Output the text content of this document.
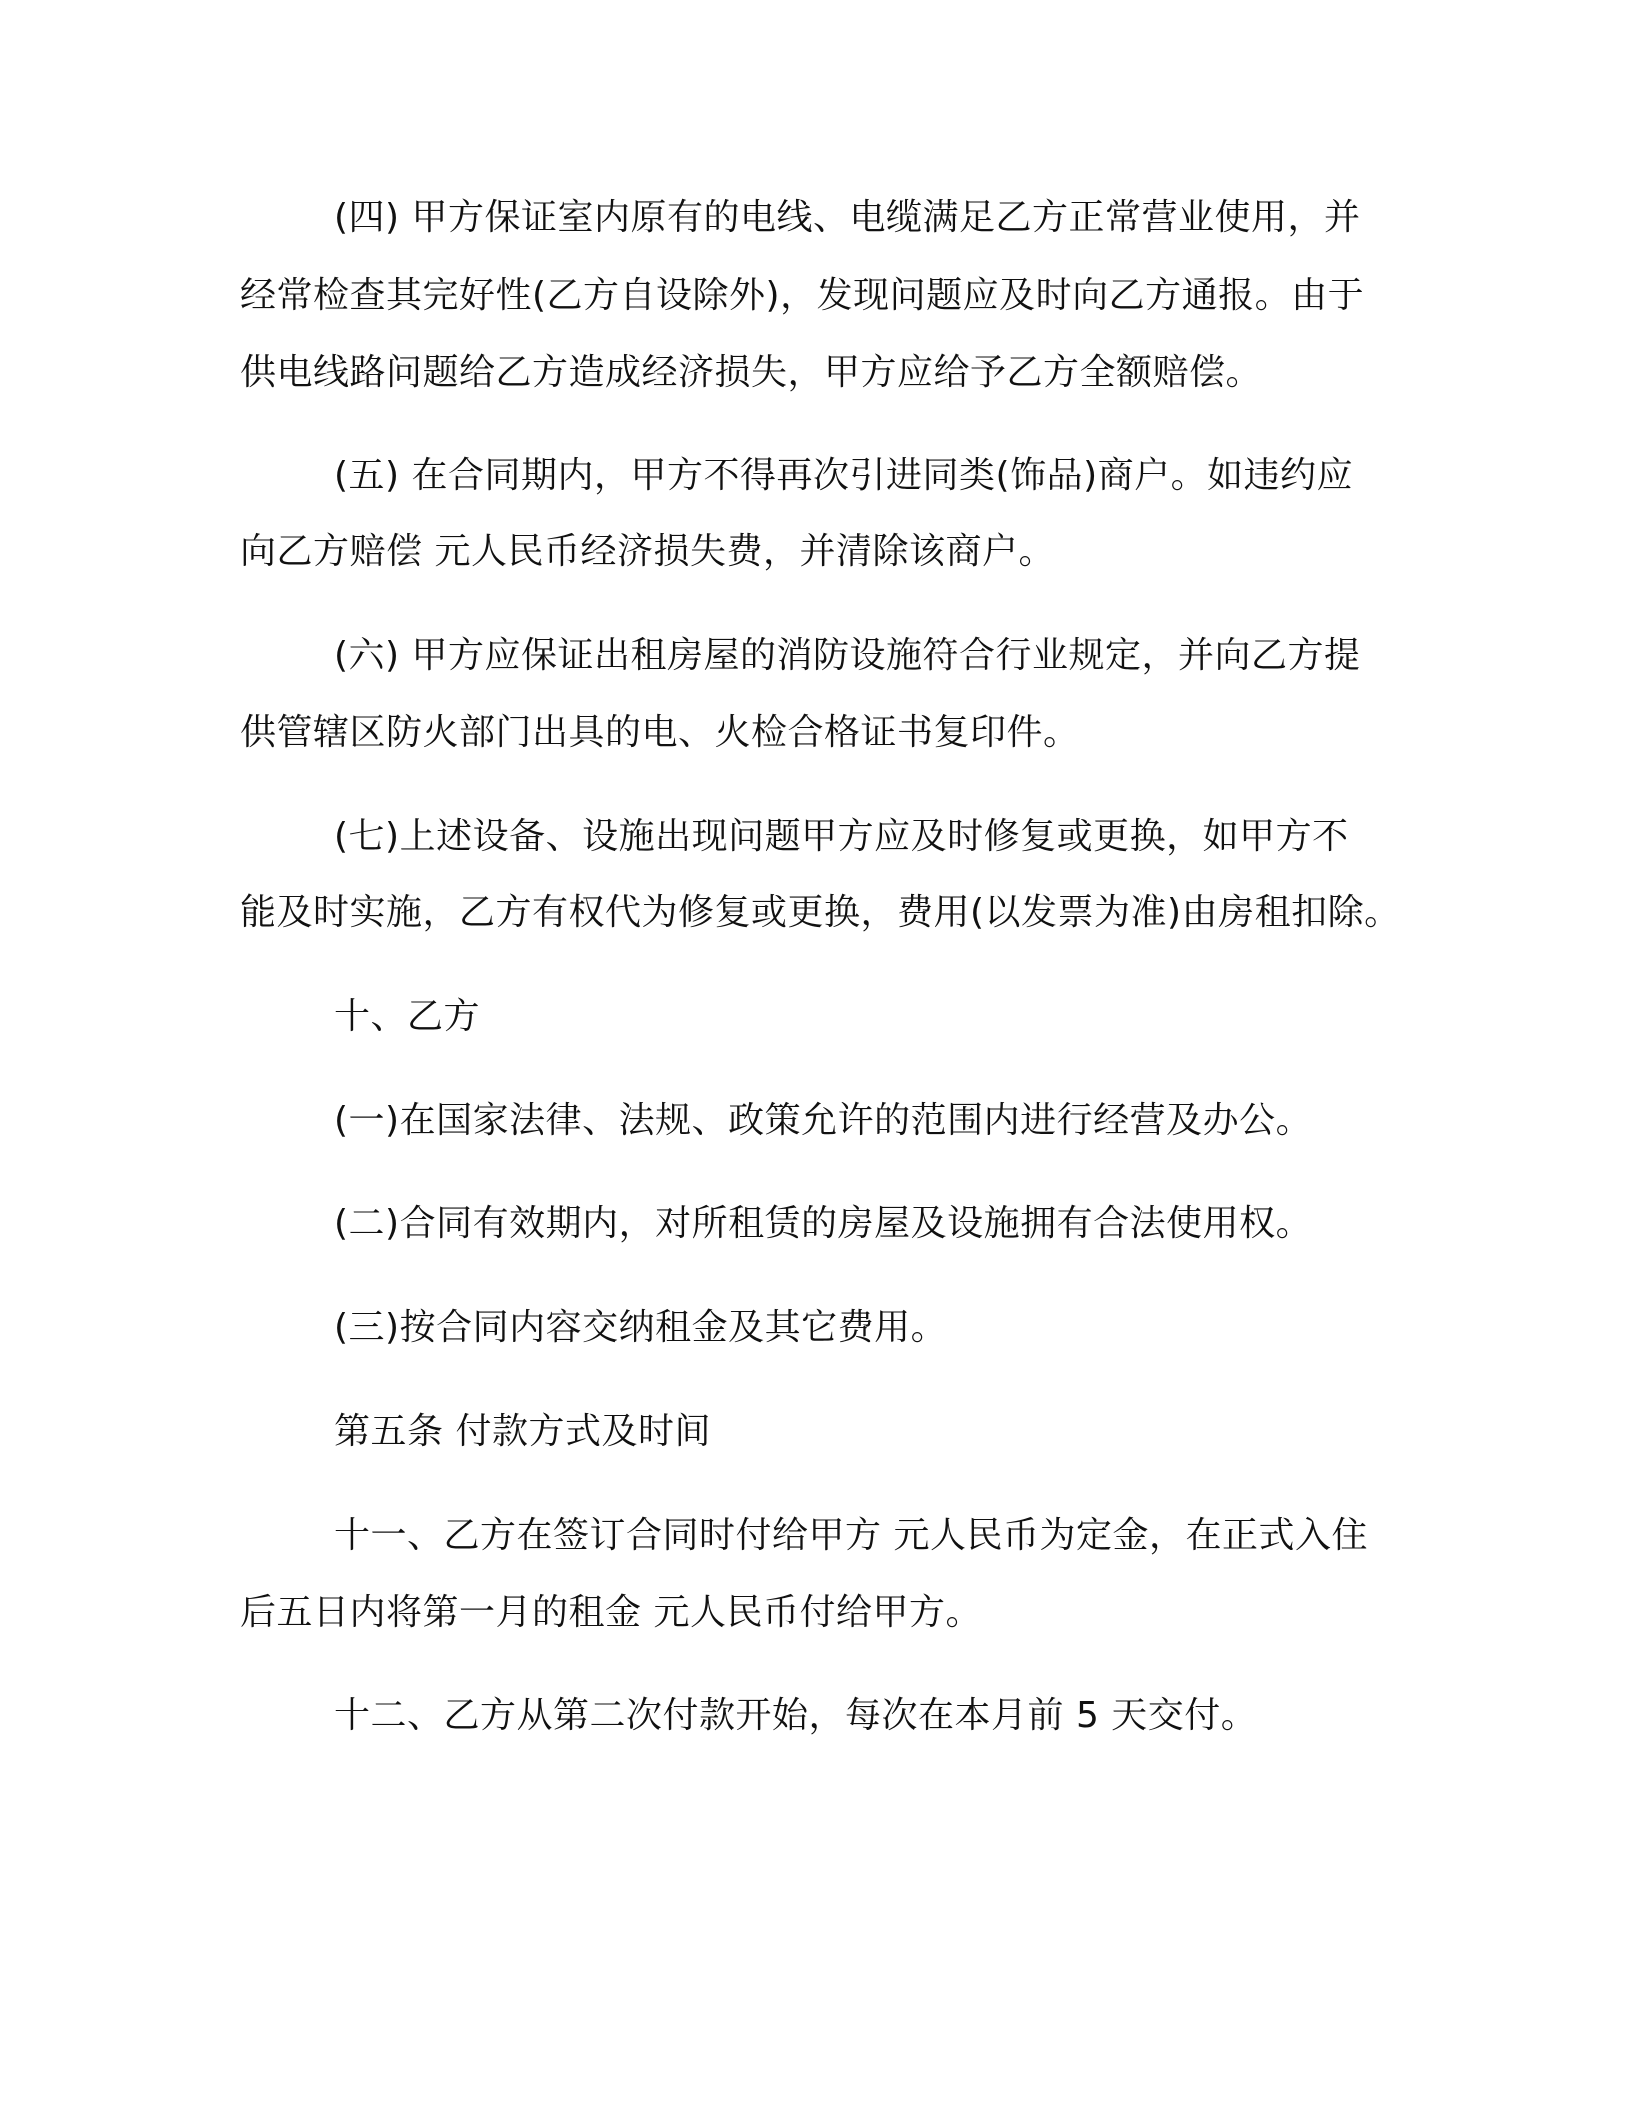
(四) 甲方保证室内原有的电线、电缆满足乙方正常营业使用，并
经常检查其完好性(乙方自设除外)，发现问题应及时向乙方通报。由于
供电线路问题给乙方造成经济损失，甲方应给予乙方全额赔偿。
(五) 在合同期内，甲方不得再次引进同类(饰品)商户。如违约应
向乙方赔偿 元人民币经济损失费，并清除该商户。
(六) 甲方应保证出租房屋的消防设施符合行业规定，并向乙方提
供管辖区防火部门出具的电、火检合格证书复印件。
(七)上述设备、设施出现问题甲方应及时修复或更换，如甲方不
能及时实施，乙方有权代为修复或更换，费用(以发票为准)由房租扣除。
十、乙方
(一)在国家法律、法规、政策允许的范围内进行经营及办公。
(二)合同有效期内，对所租赁的房屋及设施拥有合法使用权。
(三)按合同内容交纳租金及其它费用。
第五条 付款方式及时间
十一、乙方在签订合同时付给甲方 元人民币为定金，在正式入住
后五日内将第一月的租金 元人民币付给甲方。
十二、乙方从第二次付款开始，每次在本月前 5 天交付。
